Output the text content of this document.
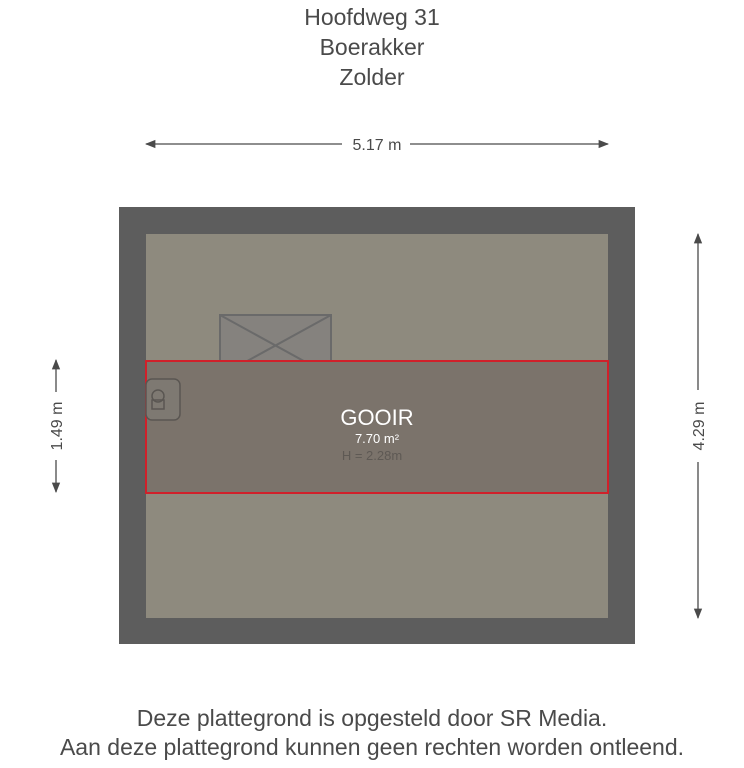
Hoofdweg 31
Boerakker
Zolder
5.17 m
4.29 m
1.49 m	GOOIR
7.70 m²
H = 2.28m
Deze plattegrond is opgesteld door SR Media.
Aan deze plattegrond kunnen geen rechten worden ontleend.
